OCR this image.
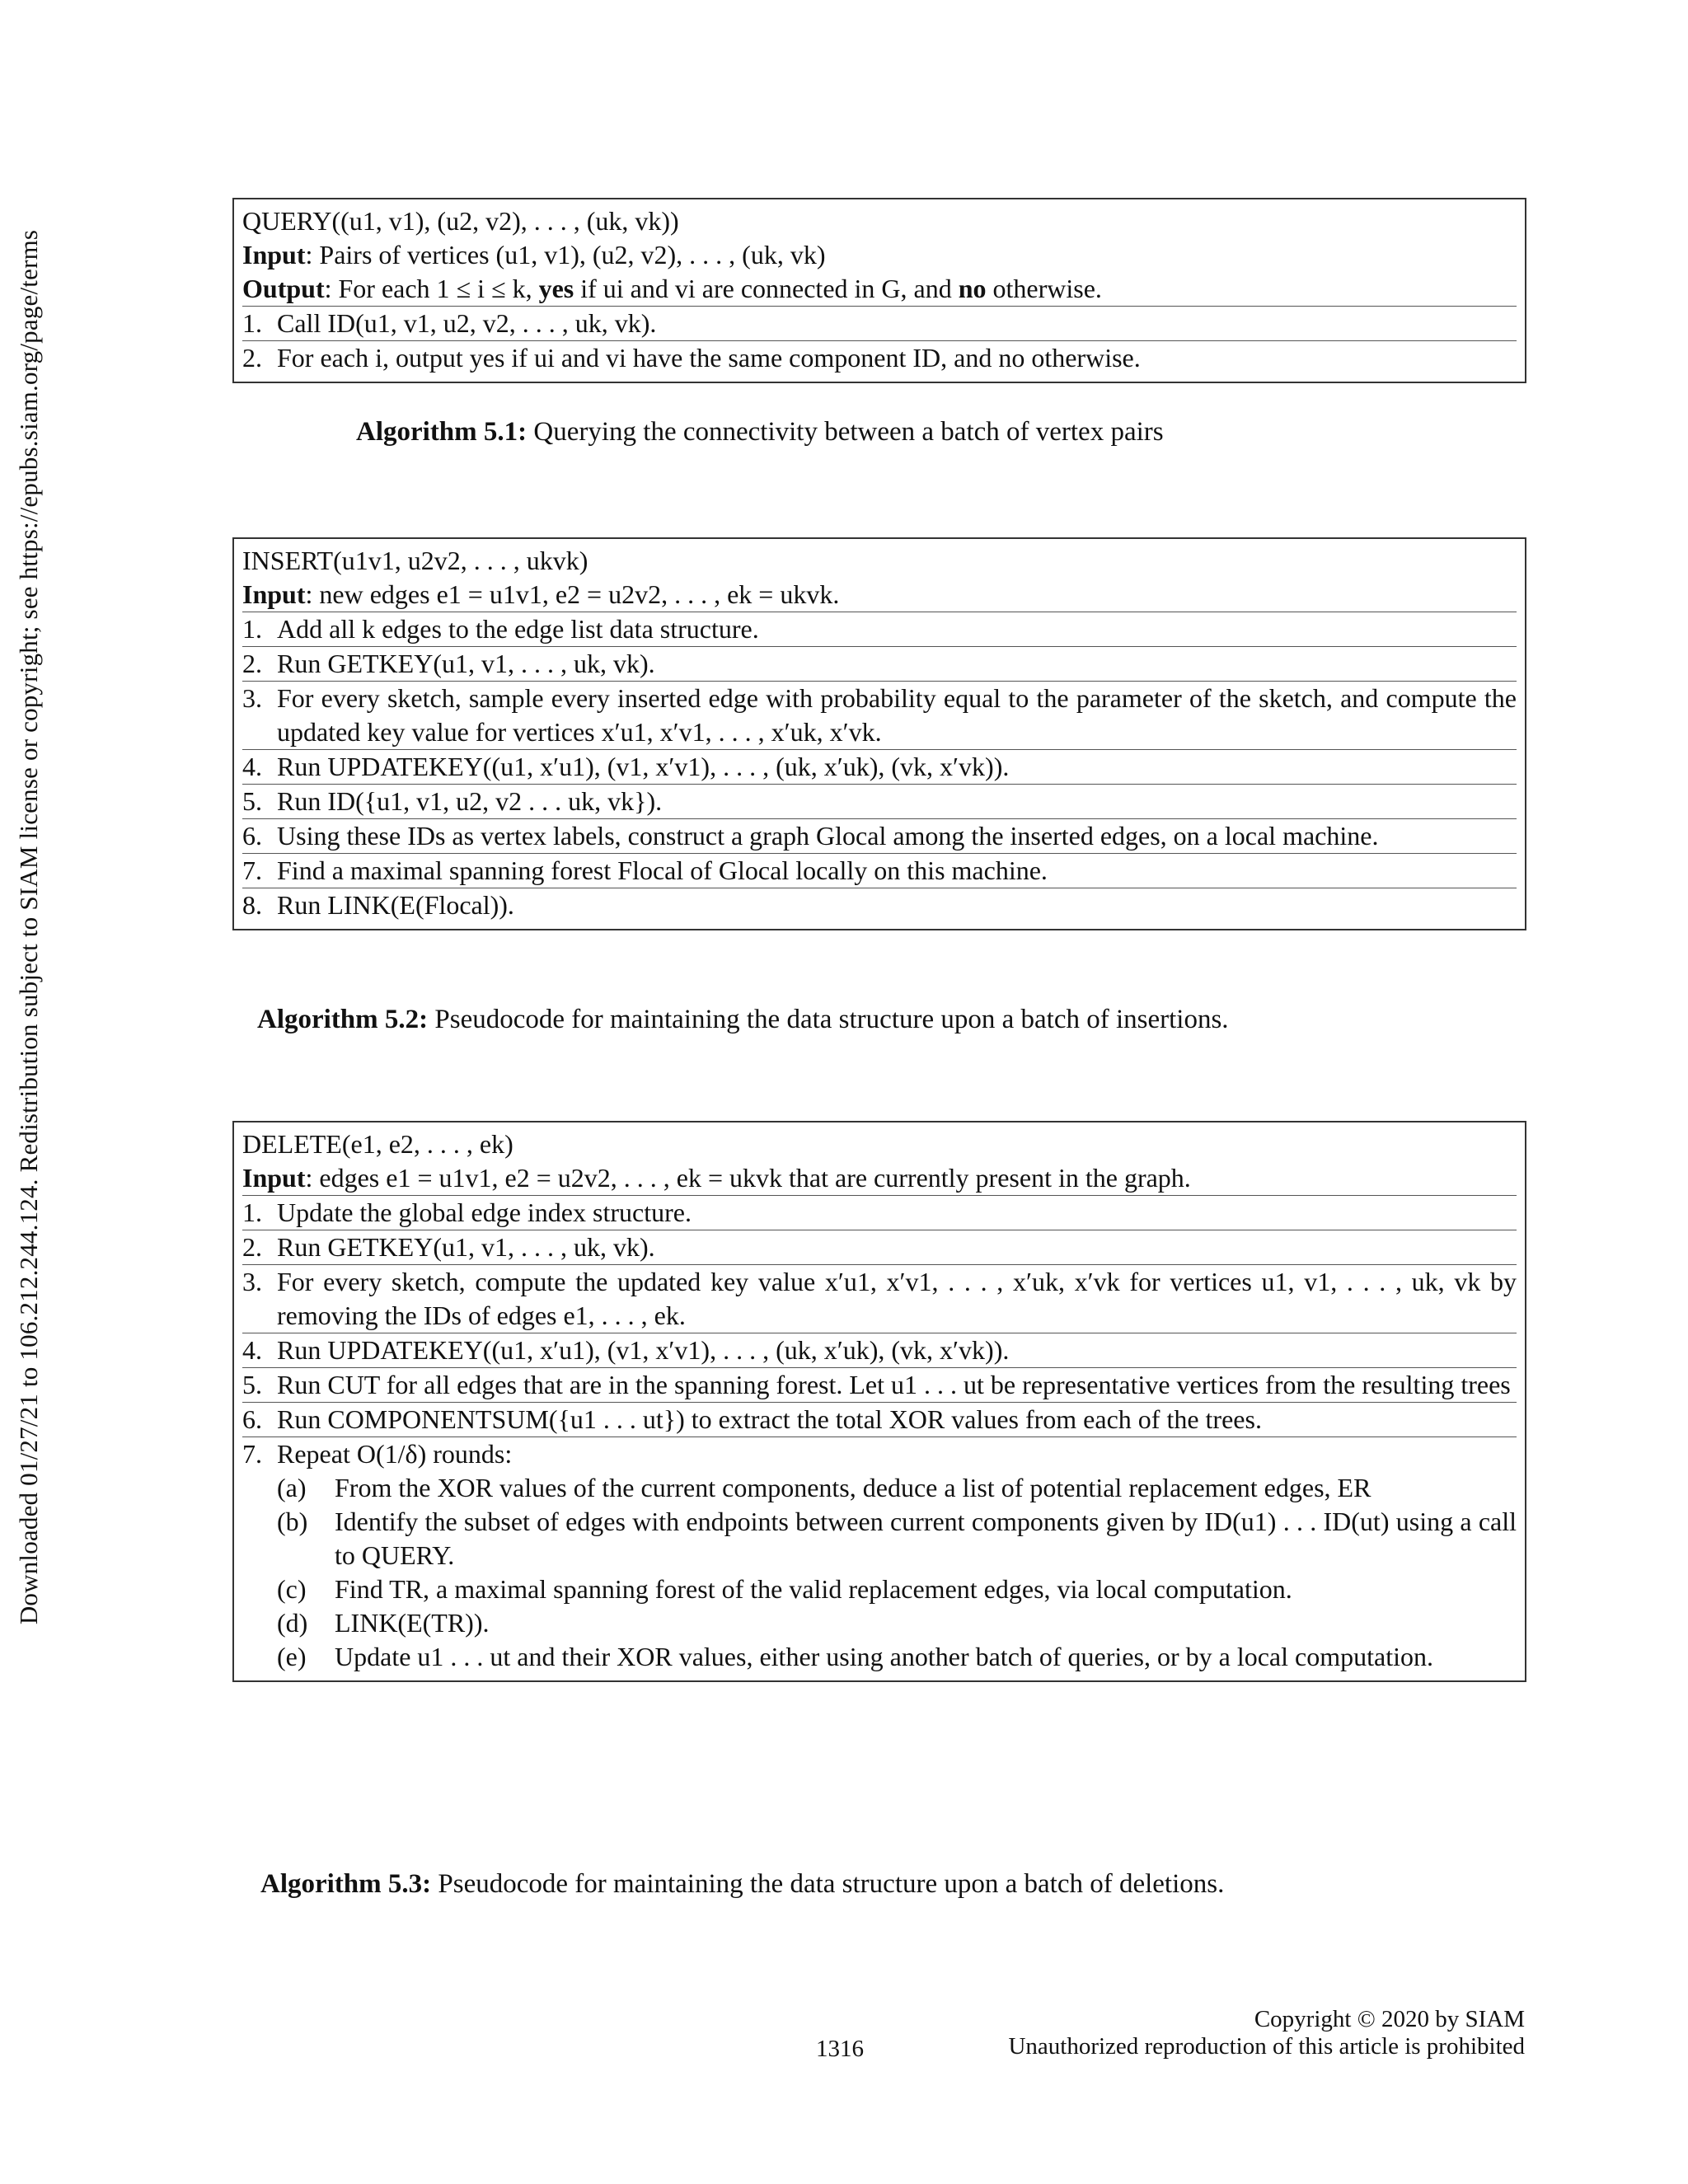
Downloaded 01/27/21 to 106.212.244.124. Redistribution subject to SIAM license or copyright; see https://epubs.siam.org/page/terms

QUERY((u1, v1), (u2, v2), . . . , (uk, vk))

Input: Pairs of vertices (u1, v1), (u2, v2), . . . , (uk, vk)

Output: For each 1 ≤ i ≤ k, yes if ui and vi are connected in G, and no otherwise.

1. Call ID(u1, v1, u2, v2, . . . , uk, vk).
2. For each i, output yes if ui and vi have the same component ID, and no otherwise.
Algorithm 5.1: Querying the connectivity between a batch of vertex pairs

INSERT(u1v1, u2v2, . . . , ukvk)

Input: new edges e1 = u1v1, e2 = u2v2, . . . , ek = ukvk.

1. Add all k edges to the edge list data structure.
2. Run GETKEY(u1, v1, . . . , uk, vk).
3. For every sketch, sample every inserted edge with probability equal to the parameter of the sketch, and compute the updated key value for vertices x′u1, x′v1, . . . , x′uk, x′vk.
4. Run UPDATEKEY((u1, x′u1), (v1, x′v1), . . . , (uk, x′uk), (vk, x′vk)).
5. Run ID({u1, v1, u2, v2 . . . uk, vk}).
6. Using these IDs as vertex labels, construct a graph Glocal among the inserted edges, on a local machine.
7. Find a maximal spanning forest Flocal of Glocal locally on this machine.
8. Run LINK(E(Flocal)).
Algorithm 5.2: Pseudocode for maintaining the data structure upon a batch of insertions.

DELETE(e1, e2, . . . , ek)

Input: edges e1 = u1v1, e2 = u2v2, . . . , ek = ukvk that are currently present in the graph.

1. Update the global edge index structure.
2. Run GETKEY(u1, v1, . . . , uk, vk).
3. For every sketch, compute the updated key value x′u1, x′v1, . . . , x′uk, x′vk for vertices u1, v1, . . . , uk, vk by removing the IDs of edges e1, . . . , ek.
4. Run UPDATEKEY((u1, x′u1), (v1, x′v1), . . . , (uk, x′uk), (vk, x′vk)).
5. Run CUT for all edges that are in the spanning forest. Let u1 . . . ut be representative vertices from the resulting trees
6. Run COMPONENTSUM({u1 . . . ut}) to extract the total XOR values from each of the trees.
7. Repeat O(1/δ) rounds:
(a) From the XOR values of the current components, deduce a list of potential replacement edges, ER
(b) Identify the subset of edges with endpoints between current components given by ID(u1) . . . ID(ut) using a call to QUERY.
(c) Find TR, a maximal spanning forest of the valid replacement edges, via local computation.
(d) LINK(E(TR)).
(e) Update u1 . . . ut and their XOR values, either using another batch of queries, or by a local computation.
Algorithm 5.3: Pseudocode for maintaining the data structure upon a batch of deletions.
1316
Copyright © 2020 by SIAM
Unauthorized reproduction of this article is prohibited
